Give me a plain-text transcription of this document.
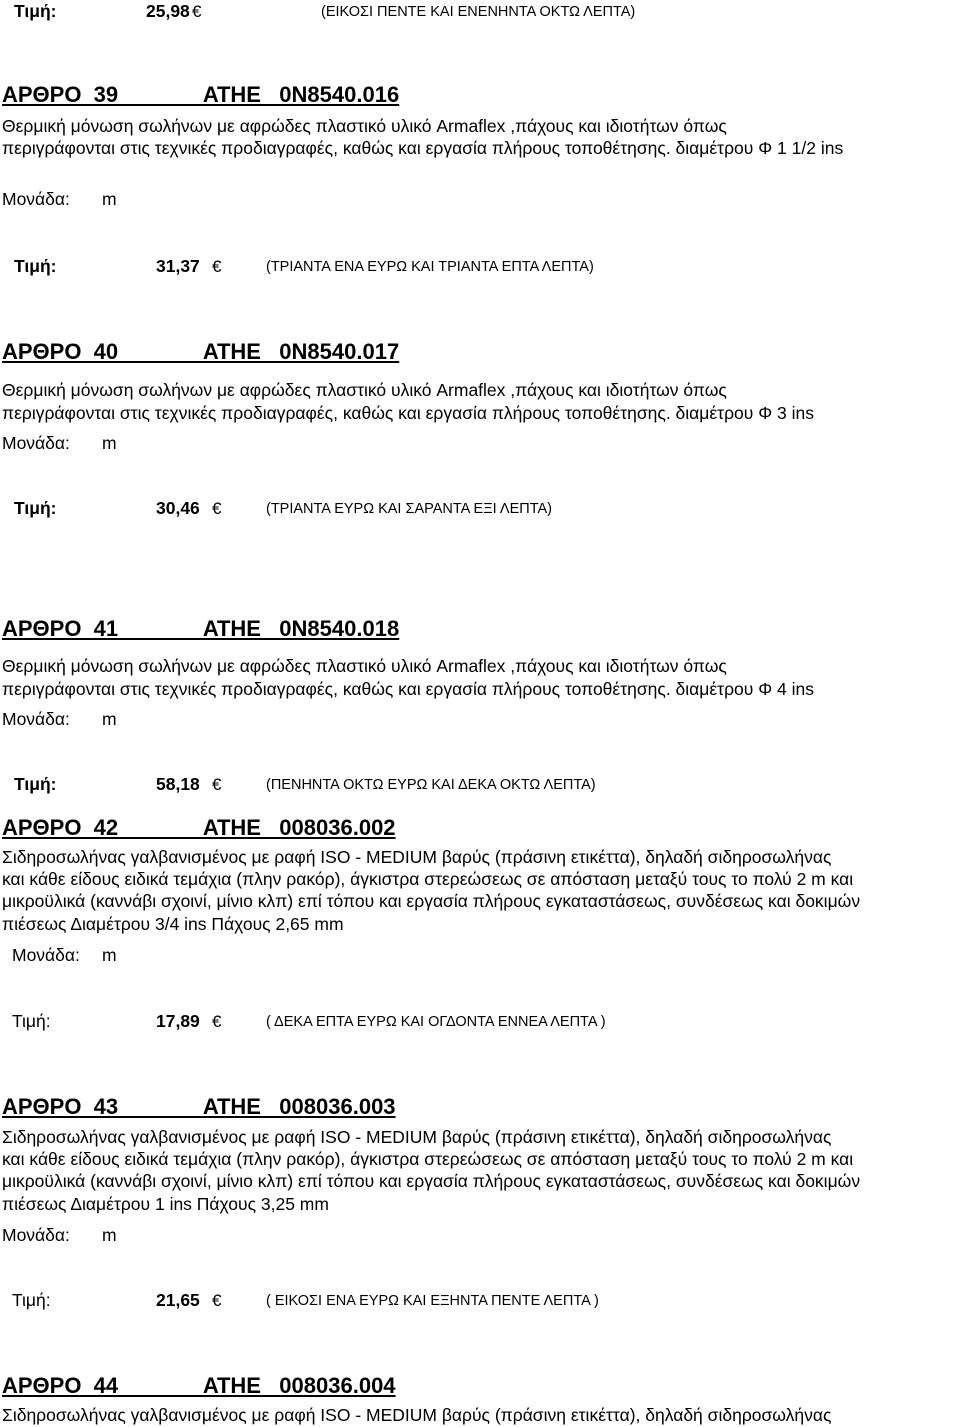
Τιμή:	25,98 €	(ΕΙΚΟΣΙ ΠΕΝΤΕ ΚΑΙ ΕΝΕΝΗΝΤΑ ΟΚΤΩ ΛΕΠΤΑ)
ΑΡΘΡΟ  39              ΑΤΗΕ   0Ν8540.016
Θερμική μόνωση σωλήνων με αφρώδες πλαστικό υλικό Armaflex ,πάχους και ιδιοτήτων όπως
περιγράφονται στις τεχνικές προδιαγραφές, καθώς και εργασία πλήρους τοποθέτησης. διαμέτρου Φ 1 1/2 ins
Μονάδα: m
Τιμή:	31,37 €	(ΤΡΙΑΝΤΑ ΕΝΑ ΕΥΡΩ ΚΑΙ ΤΡΙΑΝΤΑ ΕΠΤΑ ΛΕΠΤΑ)
ΑΡΘΡΟ  40              ΑΤΗΕ   0Ν8540.017
Θερμική μόνωση σωλήνων με αφρώδες πλαστικό υλικό Armaflex ,πάχους και ιδιοτήτων όπως
περιγράφονται στις τεχνικές προδιαγραφές, καθώς και εργασία πλήρους τοποθέτησης. διαμέτρου Φ 3 ins
Μονάδα: m
Τιμή:	30,46 €	(ΤΡΙΑΝΤΑ ΕΥΡΩ ΚΑΙ ΣΑΡΑΝΤΑ ΕΞΙ ΛΕΠΤΑ)
ΑΡΘΡΟ  41              ΑΤΗΕ   0Ν8540.018
Θερμική μόνωση σωλήνων με αφρώδες πλαστικό υλικό Armaflex ,πάχους και ιδιοτήτων όπως
περιγράφονται στις τεχνικές προδιαγραφές, καθώς και εργασία πλήρους τοποθέτησης. διαμέτρου Φ 4 ins
Μονάδα: m
Τιμή:	58,18 €	(ΠΕΝΗΝΤΑ ΟΚΤΩ ΕΥΡΩ ΚΑΙ ΔΕΚΑ ΟΚΤΩ ΛΕΠΤΑ)
ΑΡΘΡΟ  42              ΑΤΗΕ   008036.002
Σιδηροσωλήνας γαλβανισμένος με ραφή ISO - MEDIUM βαρύς (πράσινη ετικέττα), δηλαδή σιδηροσωλήνας
και κάθε είδους ειδικά τεμάχια (πλην ρακόρ), άγκιστρα στερεώσεως σε απόσταση μεταξύ τους το πολύ 2 m και
μικροϋλικά (καννάβι σχοινί, μίνιο κλπ) επί τόπου και εργασία πλήρους εγκαταστάσεως, συνδέσεως και δοκιμών
πιέσεως Διαμέτρου 3/4 ins Πάχους 2,65 mm
Μονάδα: m
Τιμή:	17,89 €	( ΔΕΚΑ ΕΠΤΑ ΕΥΡΩ ΚΑΙ ΟΓΔΟΝΤΑ ΕΝΝΕΑ ΛΕΠΤΑ )
ΑΡΘΡΟ  43              ΑΤΗΕ   008036.003
Σιδηροσωλήνας γαλβανισμένος με ραφή ISO - MEDIUM βαρύς (πράσινη ετικέττα), δηλαδή σιδηροσωλήνας
και κάθε είδους ειδικά τεμάχια (πλην ρακόρ), άγκιστρα στερεώσεως σε απόσταση μεταξύ τους το πολύ 2 m και
μικροϋλικά (καννάβι σχοινί, μίνιο κλπ) επί τόπου και εργασία πλήρους εγκαταστάσεως, συνδέσεως και δοκιμών
πιέσεως Διαμέτρου 1 ins Πάχους 3,25 mm
Μονάδα: m
Τιμή:	21,65 €	( ΕΙΚΟΣΙ ΕΝΑ ΕΥΡΩ ΚΑΙ ΕΞΗΝΤΑ ΠΕΝΤΕ ΛΕΠΤΑ )
ΑΡΘΡΟ  44              ΑΤΗΕ   008036.004
Σιδηροσωλήνας γαλβανισμένος με ραφή ISO - MEDIUM βαρύς (πράσινη ετικέττα), δηλαδή σιδηροσωλήνας
